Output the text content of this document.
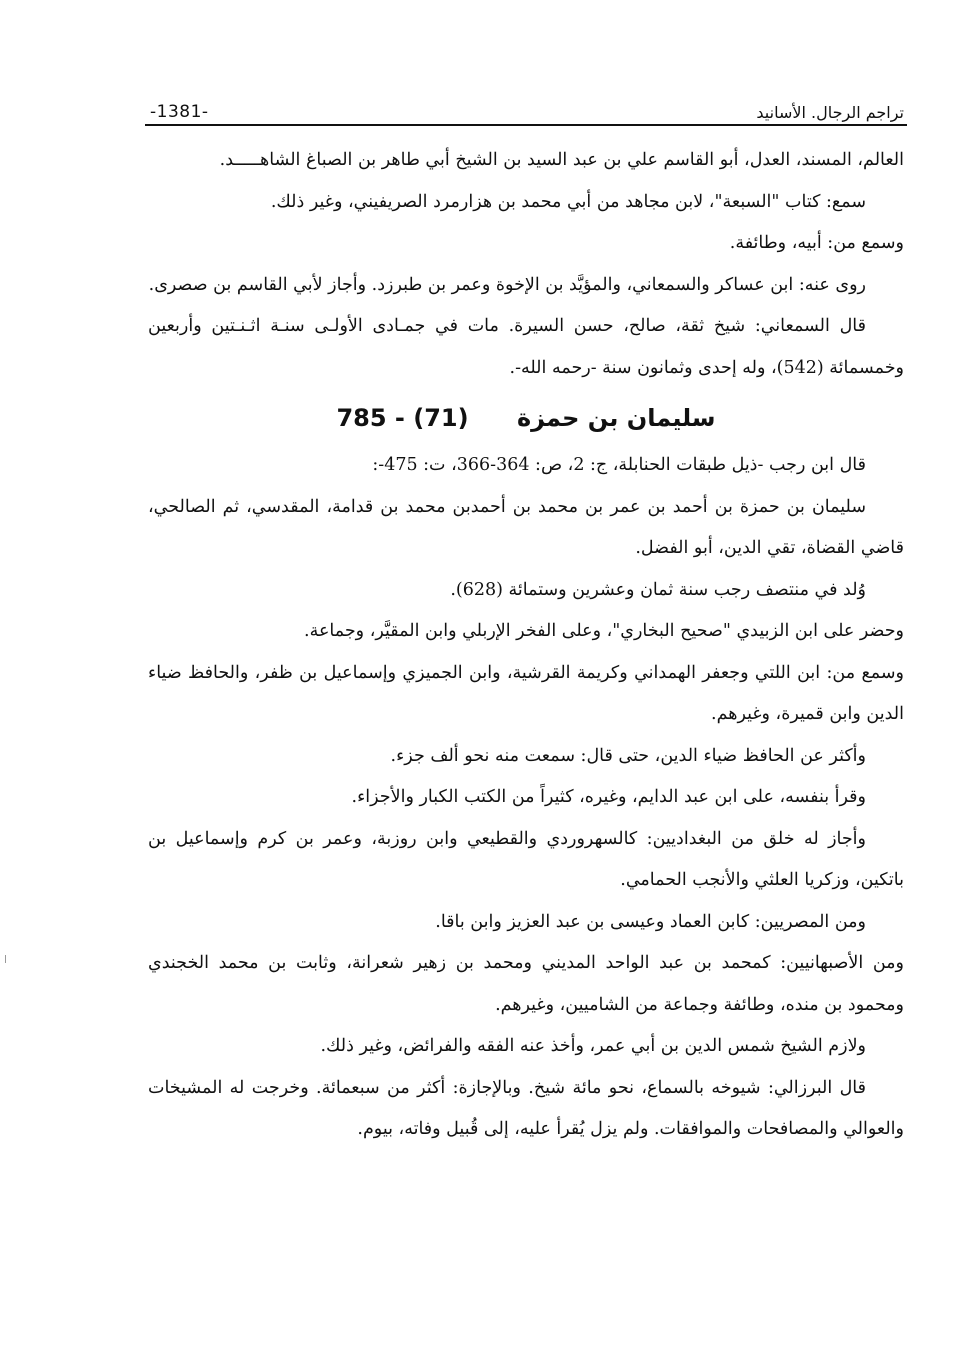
-1381-	تراجم الرجال. الأسانيد

العالم، المسند، العدل، أبو القاسم علي بن عبد السيد بن الشيخ أبي طاهر بن الصباغ الشاهـــــد.

سمع: كتاب "السبعة"، لابن مجاهد من أبي محمد بن هزارمرد الصريفيني، وغير ذلك.

وسمع من: أبيه، وطائفة.

روى عنه: ابن عساكر والسمعاني، والمؤيَّد بن الإخوة وعمر بن طبرزد. وأجاز لأبي القاسم بن صصرى.

قال السمعاني: شيخ ثقة، صالح، حسن السيرة. مات في جمـادى الأولـى سنـة اثـنـتين وأربعين وخمسمائة (542)، وله إحدى وثمانون سنة -رحمه الله-.

سليمان بن حمزة 785 - (71)

قال ابن رجب -ذيل طبقات الحنابلة، ج: 2، ص: 364-366، ت: 475-:

سليمان بن حمزة بن أحمد بن عمر بن محمد بن أحمدبن محمد بن قدامة، المقدسي، ثم الصالحي، قاضي القضاة، تقي الدين، أبو الفضل.

وُلد في منتصف رجب سنة ثمان وعشرين وستمائة (628).

وحضر على ابن الزبيدي "صحيح البخاري"، وعلى الفخر الإربلي وابن المقيَّر، وجماعة.

وسمع من: ابن اللتي وجعفر الهمداني وكريمة القرشية، وابن الجميزي وإسماعيل بن ظفر، والحافظ ضياء الدين وابن قميرة، وغيرهم.

وأكثر عن الحافظ ضياء الدين، حتى قال: سمعت منه نحو ألف جزء.

وقرأ بنفسه، على ابن عبد الدايم، وغيره، كثيراً من الكتب الكبار والأجزاء.

وأجاز له خلق من البغداديين: كالسهروردي والقطيعي وابن روزبة، وعمر بن كرم وإسماعيل بن باتكين، وزكريا العلثي والأنجب الحمامي.

ومن المصريين: كابن العماد وعيسى بن عبد العزيز وابن باقا.

ومن الأصبهانيين: كمحمد بن عبد الواحد المديني ومحمد بن زهير شعرانة، وثابت بن محمد الخجندي ومحمود بن منده، وطائفة وجماعة من الشاميين، وغيرهم.

ولازم الشيخ شمس الدين بن أبي عمر، وأخذ عنه الفقه والفرائض، وغير ذلك.

قال البرزالي: شيوخه بالسماع، نحو مائة شيخ. وبالإجازة: أكثر من سبعمائة. وخرجت له المشيخات والعوالي والمصافحات والموافقات. ولم يزل يُقرأ عليه، إلى قُبيل وفاته، بيوم.
